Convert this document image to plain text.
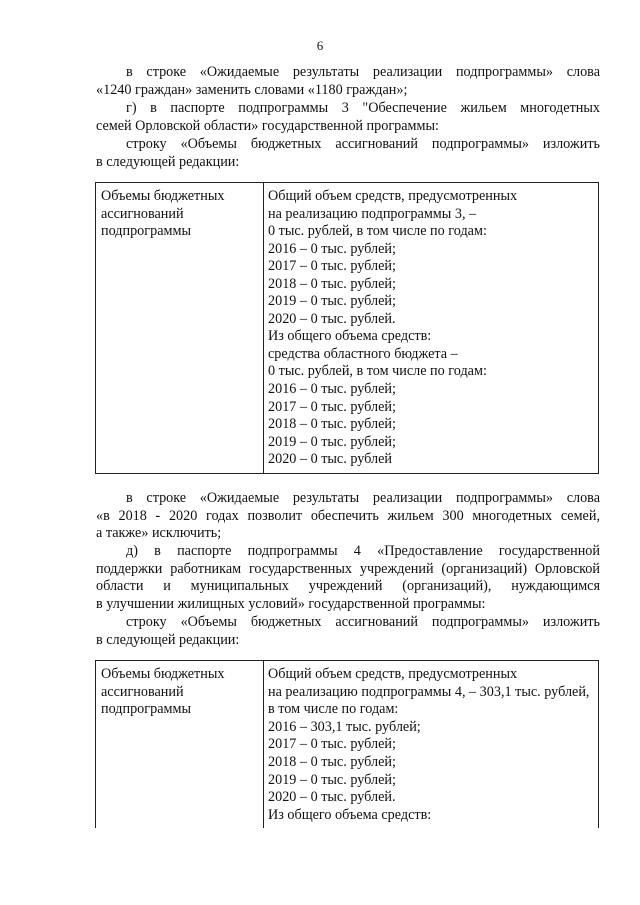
6
в строке «Ожидаемые результаты реализации подпрограммы» слова
«1240 граждан» заменить словами «1180 граждан»;
г) в паспорте подпрограммы 3 "Обеспечение жильем многодетных
семей Орловской области» государственной программы:
строку «Объемы бюджетных ассигнований подпрограммы» изложить
в следующей редакции:
Объемы бюджетных
ассигнований
подпрограммы

Общий объем средств, предусмотренных
на реализацию подпрограммы 3, –
0 тыс. рублей, в том числе по годам:
2016 – 0 тыс. рублей;
2017 – 0 тыс. рублей;
2018 – 0 тыс. рублей;
2019 – 0 тыс. рублей;
2020 – 0 тыс. рублей.
Из общего объема средств:
средства областного бюджета –
0 тыс. рублей, в том числе по годам:
2016 – 0 тыс. рублей;
2017 – 0 тыс. рублей;
2018 – 0 тыс. рублей;
2019 – 0 тыс. рублей;
2020 – 0 тыс. рублей
в строке «Ожидаемые результаты реализации подпрограммы» слова
«в 2018 - 2020 годах позволит обеспечить жильем 300 многодетных семей,
а также» исключить;
д) в паспорте подпрограммы 4 «Предоставление государственной
поддержки работникам государственных учреждений (организаций) Орловской
области и муниципальных учреждений (организаций), нуждающимся
в улучшении жилищных условий» государственной программы:
строку «Объемы бюджетных ассигнований подпрограммы» изложить
в следующей редакции:
Объемы бюджетных
ассигнований
подпрограммы

Общий объем средств, предусмотренных
на реализацию подпрограммы 4, – 303,1 тыс. рублей,
в том числе по годам:
2016 – 303,1 тыс. рублей;
2017 – 0 тыс. рублей;
2018 – 0 тыс. рублей;
2019 – 0 тыс. рублей;
2020 – 0 тыс. рублей.
Из общего объема средств:
